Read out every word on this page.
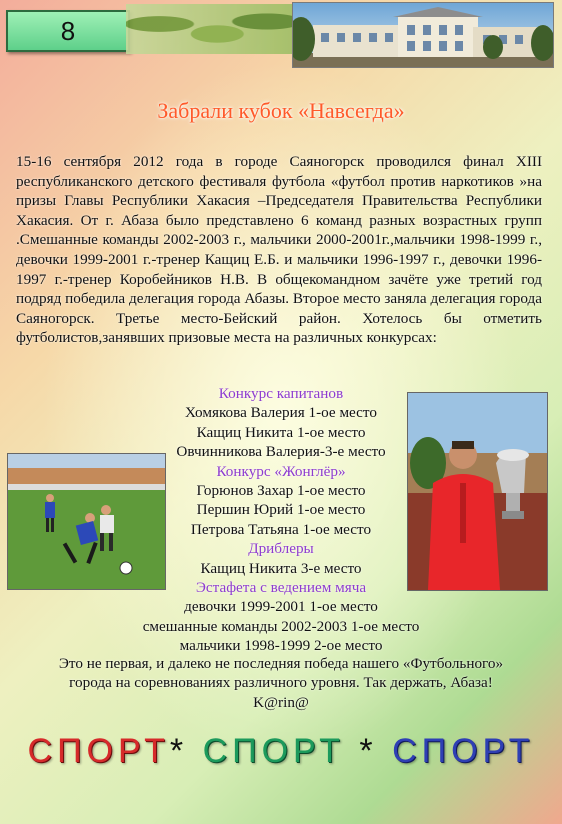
8
Забрали кубок «Навсегда»
15-16 сентября 2012 года в городе Саяногорск проводился финал XIII республиканского детского фестиваля футбола «футбол против наркотиков »на призы Главы Республики Хакасия –Председателя Правительства Республики Хакасия. От г. Абаза было представлено 6 команд разных возрастных групп .Смешанные команды 2002-2003 г., мальчики 2000-2001г.,мальчики 1998-1999 г., девочки 1999-2001 г.-тренер Кащиц Е.Б. и мальчики 1996-1997 г., девочки 1996-1997 г.-тренер Коробейников Н.В. В общекомандном зачёте уже третий год подряд победила делегация города Абазы. Второе место заняла делегация города Саяногорск. Третье место-Бейский район. Хотелось бы отметить футболистов,занявших призовые места на различных конкурсах:
Конкурс капитанов
Хомякова Валерия 1-ое место
Кащиц Никита 1-ое место
Овчинникова Валерия-3-е место
Конкурс «Жонглёр»
Горюнов Захар 1-ое место
Першин Юрий 1-ое место
Петрова Татьяна 1-ое место
Дриблеры
Кащиц Никита 3-е место
Эстафета с ведением мяча
девочки 1999-2001 1-ое место
смешанные команды 2002-2003 1-ое место
мальчики 1998-1999 2-ое место
Это не первая, и далеко не последняя победа нашего «Футбольного»
города на соревнованиях различного уровня. Так держать, Абаза!
K@rin@
СПОРТ* СПОРТ * СПОРТ
